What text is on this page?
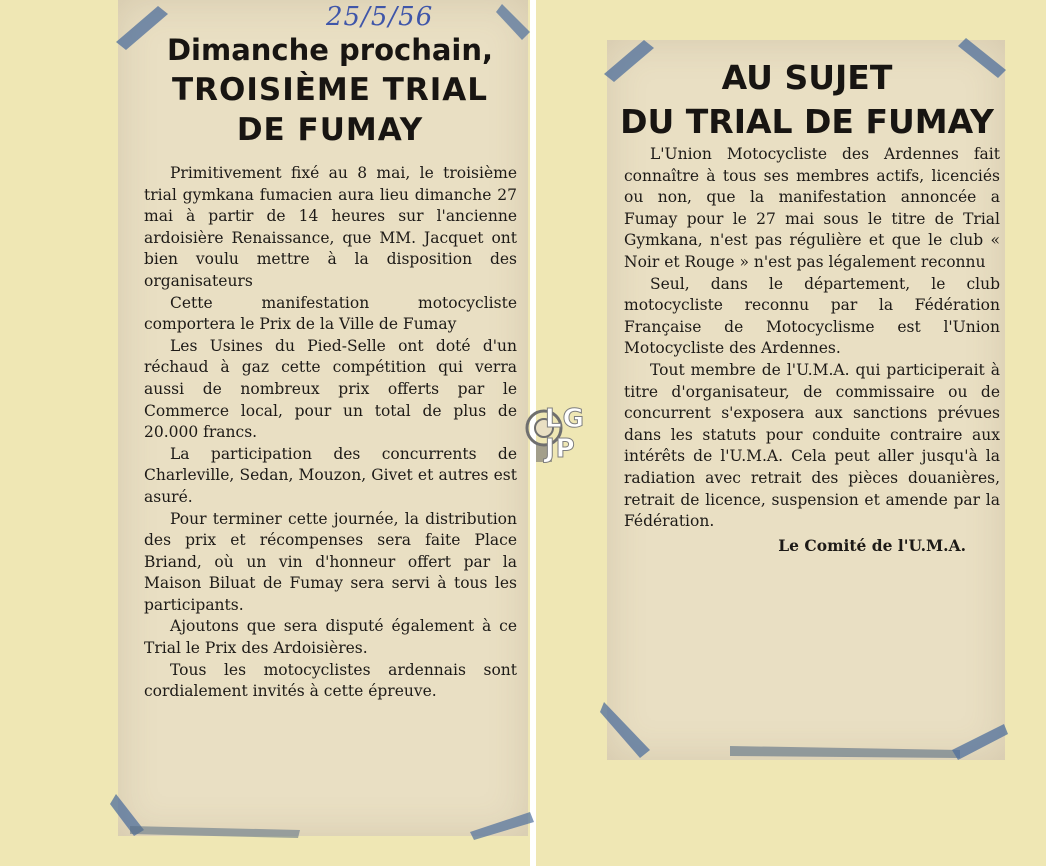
25/5/56
Dimanche prochain,
TROISIÈME TRIAL
DE FUMAY

Primitivement fixé au 8 mai, le troisième trial gymkana fumacien aura lieu dimanche 27 mai à partir de 14 heures sur l'ancienne ardoisière Renaissance, que MM. Jacquet ont bien voulu mettre à la disposition des organisateurs

Cette manifestation motocycliste comportera le Prix de la Ville de Fumay

Les Usines du Pied-Selle ont doté d'un réchaud à gaz cette compétition qui verra aussi de nombreux prix offerts par le Commerce local, pour un total de plus de 20.000 francs.

La participation des concurrents de Charleville, Sedan, Mouzon, Givet et autres est asuré.

Pour terminer cette journée, la distribution des prix et récompenses sera faite Place Briand, où un vin d'honneur offert par la Maison Biluat de Fumay sera servi à tous les participants.

Ajoutons que sera disputé également à ce Trial le Prix des Ardoisières.

Tous les motocyclistes ardennais sont cordialement invités à cette épreuve.

AU SUJET
DU TRIAL DE FUMAY

L'Union Motocycliste des Ardennes fait connaître à tous ses membres actifs, licenciés ou non, que la manifestation annoncée a Fumay pour le 27 mai sous le titre de Trial Gymkana, n'est pas régulière et que le club « Noir et Rouge » n'est pas légalement reconnu

Seul, dans le département, le club motocycliste reconnu par la Fédération Française de Motocyclisme est l'Union Motocycliste des Ardennes.

Tout membre de l'U.M.A. qui participerait à titre d'organisateur, de commissaire ou de concurrent s'exposera aux sanctions prévues dans les statuts pour conduite contraire aux intérêts de l'U.M.A. Cela peut aller jusqu'à la radiation avec retrait des pièces douanières, retrait de licence, suspension et amende par la Fédération.

Le Comité de l'U.M.A.

LG
JP
